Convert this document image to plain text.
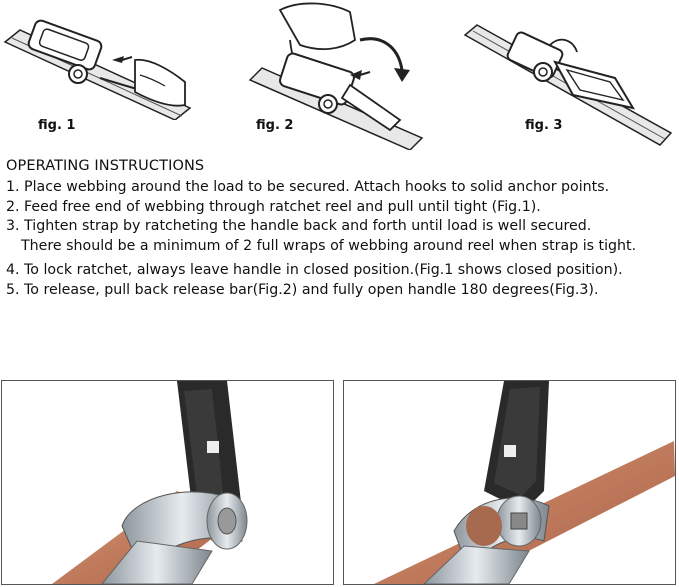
fig. 1	fig. 2	fig. 3
OPERATING INSTRUCTIONS
1. Place webbing around the load to be secured. Attach hooks to solid anchor points.
2. Feed free end of webbing through ratchet reel and pull until tight (Fig.1).
3. Tighten strap by ratcheting the handle back and forth until load is well secured.
There should be a minimum of 2 full wraps of webbing around reel when strap is tight.
4. To lock ratchet, always leave handle in closed position.(Fig.1 shows closed position).
5. To release, pull back release bar(Fig.2) and fully open handle 180 degrees(Fig.3).
